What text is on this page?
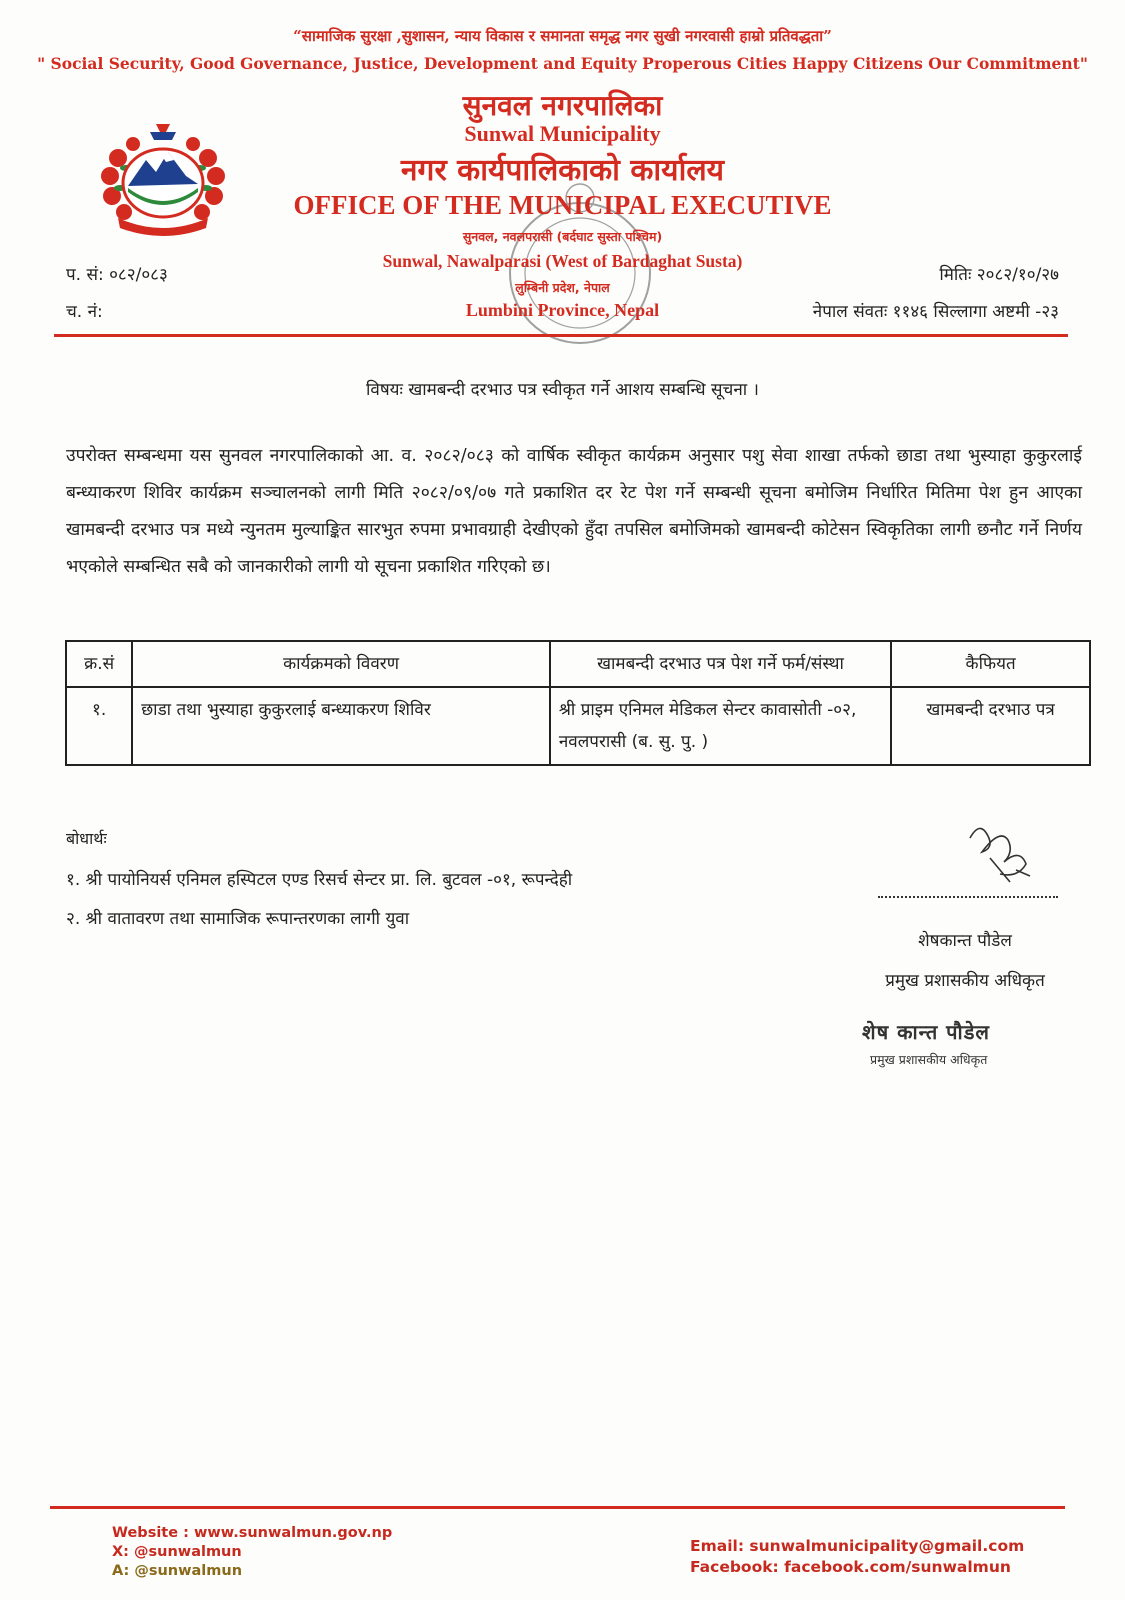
“सामाजिक सुरक्षा ,सुशासन, न्याय विकास र समानता समृद्ध नगर सुखी नगरवासी हाम्रो प्रतिवद्धता”
" Social Security, Good Governance, Justice, Development and Equity Properous Cities Happy Citizens Our Commitment"
सुनवल नगरपालिका
Sunwal Municipality
नगर कार्यपालिकाको कार्यालय
OFFICE OF THE MUNICIPAL EXECUTIVE
सुनवल, नवलपरासी (बर्दघाट सुस्ता पश्चिम)
Sunwal, Nawalparasi (West of Bardaghat Susta)
लुम्बिनी प्रदेश, नेपाल
Lumbini Province, Nepal
प. सं: ०८२/०८३
च. नं:
मितिः २०८२/१०/२७
नेपाल संवतः ११४६ सिल्लागा अष्टमी -२३
विषयः खामबन्दी दरभाउ पत्र स्वीकृत गर्ने आशय सम्बन्धि सूचना ।
उपरोक्त सम्बन्धमा यस सुनवल नगरपालिकाको आ. व. २०८२/०८३ को वार्षिक स्वीकृत कार्यक्रम अनुसार पशु सेवा शाखा तर्फको छाडा तथा भुस्याहा कुकुरलाई बन्ध्याकरण शिविर कार्यक्रम सञ्चालनको लागी मिति २०८२/०९/०७ गते प्रकाशित दर रेट पेश गर्ने सम्बन्धी सूचना बमोजिम निर्धारित मितिमा पेश हुन आएका खामबन्दी दरभाउ पत्र मध्ये न्युनतम मुल्याङ्कित सारभुत रुपमा प्रभावग्राही देखीएको हुँदा तपसिल बमोजिमको खामबन्दी कोटेसन स्विकृतिका लागी छनौट गर्ने निर्णय भएकोले सम्बन्धित सबै को जानकारीको लागी यो सूचना प्रकाशित गरिएको छ।
क्र.सं	कार्यक्रमको विवरण	खामबन्दी दरभाउ पत्र पेश गर्ने फर्म/संस्था	कैफियत
१.	छाडा तथा भुस्याहा कुकुरलाई बन्ध्याकरण शिविर	श्री प्राइम एनिमल मेडिकल सेन्टर कावासोती -०२, नवलपरासी (ब. सु. पु. )	खामबन्दी दरभाउ पत्र
बोधार्थः
१. श्री पायोनियर्स एनिमल हस्पिटल एण्ड रिसर्च सेन्टर प्रा. लि. बुटवल -०१, रूपन्देही
२. श्री वातावरण तथा सामाजिक रूपान्तरणका लागी युवा
शेषकान्त पौडेल
प्रमुख प्रशासकीय अधिकृत
शेष कान्त पौडेल
प्रमुख प्रशासकीय अधिकृत
Website : www.sunwalmun.gov.np
X: @sunwalmun
A: @sunwalmun
Email: sunwalmunicipality@gmail.com
Facebook: facebook.com/sunwalmun
